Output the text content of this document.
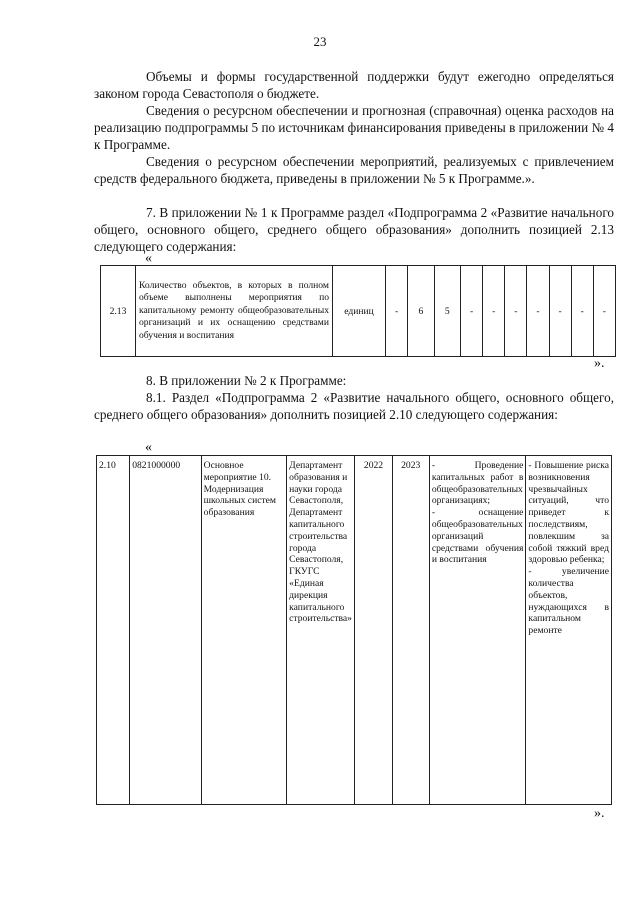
23

Объемы и формы государственной поддержки будут ежегодно определяться законом города Севастополя о бюджете.

Сведения о ресурсном обеспечении и прогнозная (справочная) оценка расходов на реализацию подпрограммы 5 по источникам финансирования приведены в приложении № 4 к Программе.

Сведения о ресурсном обеспечении мероприятий, реализуемых с привлечением средств федерального бюджета, приведены в приложении № 5 к Программе.».

7. В приложении № 1 к Программе раздел «Подпрограмма 2 «Развитие начального общего, основного общего, среднего общего образования» дополнить позицией 2.13 следующего содержания:

«
2.13	Количество объектов, в которых в полном объеме выполнены мероприятия по капитальному ремонту общеобразовательных организаций и их оснащению средствами обучения и воспитания	единиц	-	6	5	-	-	-	-	-	-	-
».

8. В приложении № 2 к Программе:

8.1. Раздел «Подпрограмма 2 «Развитие начального общего, основного общего, среднего общего образования» дополнить позицией 2.10 следующего содержания:

«
2.10	0821000000	Основное мероприятие 10. Модернизация школьных систем образования	Департамент образования и науки города Севастополя, Департамент капитального строительства города Севастополя, ГКУГС «Единая дирекция капитального строительства»	2022	2023	- Проведение капитальных работ в общеобразовательных организациях;
- оснащение общеобразовательных организаций средствами обучения и воспитания	- Повышение риска возникновения чрезвычайных ситуаций, что приведет к последствиям, повлекшим за собой тяжкий вред здоровью ребенка;
- увеличение количества объектов, нуждающихся в капитальном ремонте
».
